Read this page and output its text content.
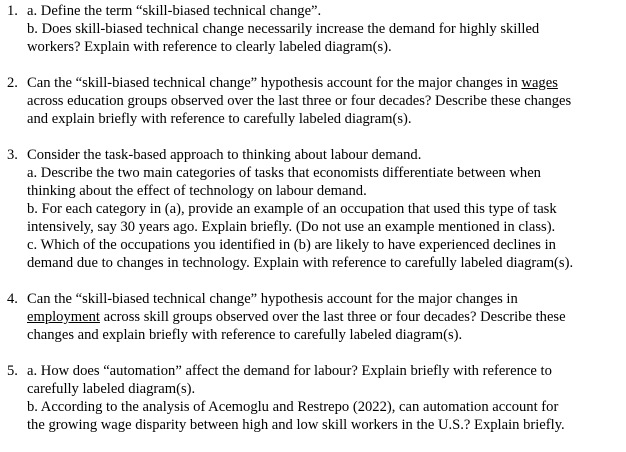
1. a. Define the term “skill-biased technical change”.
b. Does skill-biased technical change necessarily increase the demand for highly skilled
workers? Explain with reference to clearly labeled diagram(s).
2. Can the “skill-biased technical change” hypothesis account for the major changes in wages
across education groups observed over the last three or four decades? Describe these changes
and explain briefly with reference to carefully labeled diagram(s).
3. Consider the task-based approach to thinking about labour demand.
a. Describe the two main categories of tasks that economists differentiate between when
thinking about the effect of technology on labour demand.
b. For each category in (a), provide an example of an occupation that used this type of task
intensively, say 30 years ago. Explain briefly. (Do not use an example mentioned in class).
c. Which of the occupations you identified in (b) are likely to have experienced declines in
demand due to changes in technology. Explain with reference to carefully labeled diagram(s).
4. Can the “skill-biased technical change” hypothesis account for the major changes in
employment across skill groups observed over the last three or four decades? Describe these
changes and explain briefly with reference to carefully labeled diagram(s).
5. a. How does “automation” affect the demand for labour? Explain briefly with reference to
carefully labeled diagram(s).
b. According to the analysis of Acemoglu and Restrepo (2022), can automation account for
the growing wage disparity between high and low skill workers in the U.S.? Explain briefly.
